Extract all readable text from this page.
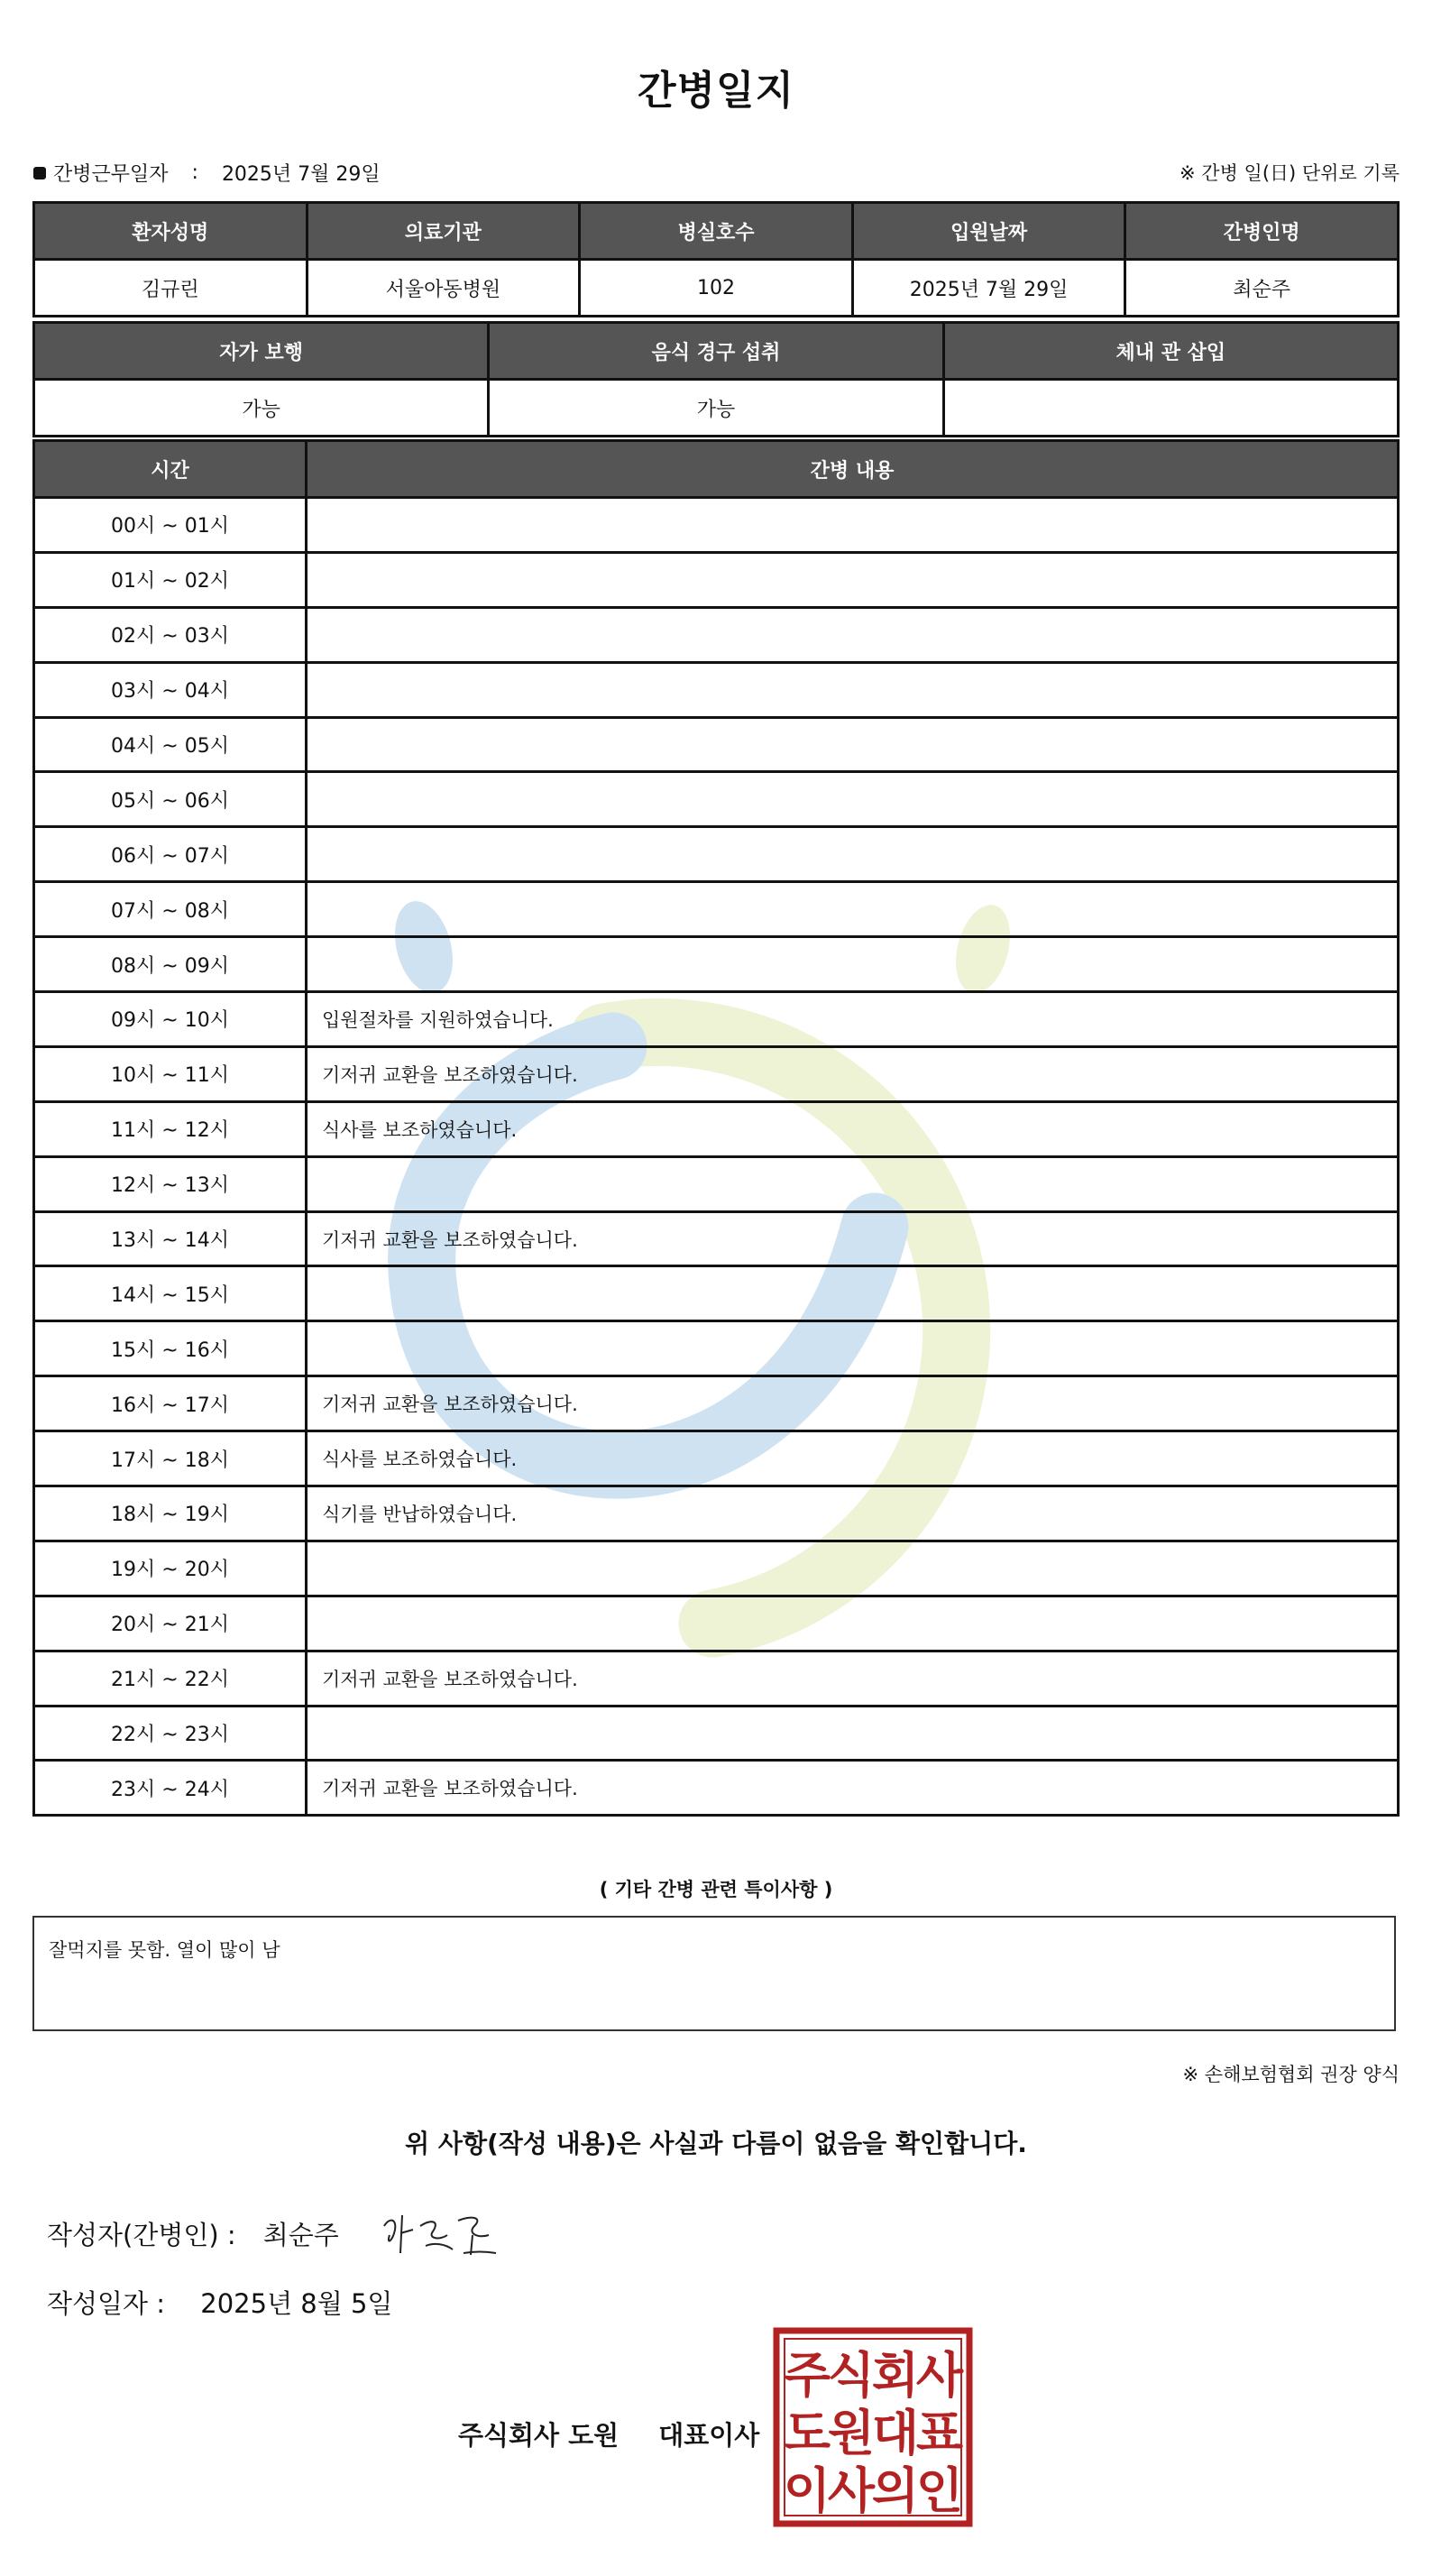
간병일지
간병근무일자 : 2025년 7월 29일	※ 간병 일(日) 단위로 기록
환자성명	의료기관	병실호수	입원날짜	간병인명
김규린	서울아동병원	102	2025년 7월 29일	최순주
자가 보행	음식 경구 섭취	체내 관 삽입
가능	가능	
시간	간병 내용
00시 ~ 01시	
01시 ~ 02시	
02시 ~ 03시	
03시 ~ 04시	
04시 ~ 05시	
05시 ~ 06시	
06시 ~ 07시	
07시 ~ 08시	
08시 ~ 09시	
09시 ~ 10시	입원절차를 지원하였습니다.
10시 ~ 11시	기저귀 교환을 보조하였습니다.
11시 ~ 12시	식사를 보조하였습니다.
12시 ~ 13시	
13시 ~ 14시	기저귀 교환을 보조하였습니다.
14시 ~ 15시	
15시 ~ 16시	
16시 ~ 17시	기저귀 교환을 보조하였습니다.
17시 ~ 18시	식사를 보조하였습니다.
18시 ~ 19시	식기를 반납하였습니다.
19시 ~ 20시	
20시 ~ 21시	
21시 ~ 22시	기저귀 교환을 보조하였습니다.
22시 ~ 23시	
23시 ~ 24시	기저귀 교환을 보조하였습니다.
( 기타 간병 관련 특이사항 )
잘먹지를 못함. 열이 많이 남
※ 손해보험협회 권장 양식
위 사항(작성 내용)은 사실과 다름이 없음을 확인합니다.
작성자(간병인) : 최순주
작성일자 : 2025년 8월 5일
주식회사 도원 대표이사
주
식
회
사
도
원
대
표
이
사
의
인
